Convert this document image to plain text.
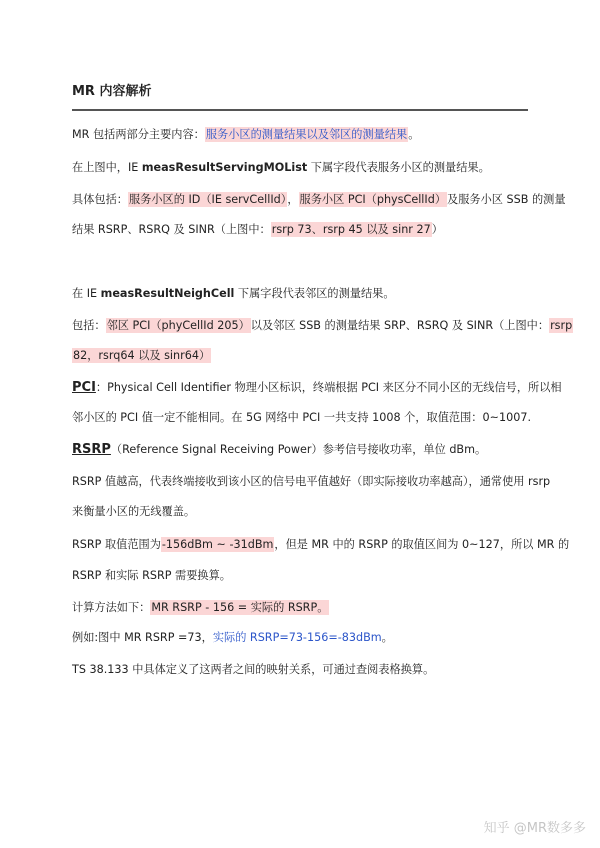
MR 内容解析
MR 包括两部分主要内容：服务小区的测量结果以及邻区的测量结果。
在上图中，IE measResultServingMOList 下属字段代表服务小区的测量结果。
具体包括：服务小区的 ID（IE servCellId），服务小区 PCI（physCellId）及服务小区 SSB 的测量
结果 RSRP、RSRQ 及 SINR（上图中：rsrp 73、rsrp 45 以及 sinr 27）
在 IE measResultNeighCell 下属字段代表邻区的测量结果。
包括：邻区 PCI（phyCellId 205）以及邻区 SSB 的测量结果 SRP、RSRQ 及 SINR（上图中：rsrp
82，rsrq64 以及 sinr64）
PCI：Physical Cell Identifier 物理小区标识，终端根据 PCI 来区分不同小区的无线信号，所以相
邻小区的 PCI 值一定不能相同。在 5G 网络中 PCI 一共支持 1008 个，取值范围：0~1007.
RSRP（Reference Signal Receiving Power）参考信号接收功率，单位 dBm。
RSRP 值越高，代表终端接收到该小区的信号电平值越好（即实际接收功率越高），通常使用 rsrp
来衡量小区的无线覆盖。
RSRP 取值范围为-156dBm ~ -31dBm，但是 MR 中的 RSRP 的取值区间为 0~127，所以 MR 的
RSRP 和实际 RSRP 需要换算。
计算方法如下：MR RSRP - 156 = 实际的 RSRP。
例如:图中 MR RSRP =73，实际的 RSRP=73-156=-83dBm。
TS 38.133 中具体定义了这两者之间的映射关系，可通过查阅表格换算。
知乎 @MR数多多
